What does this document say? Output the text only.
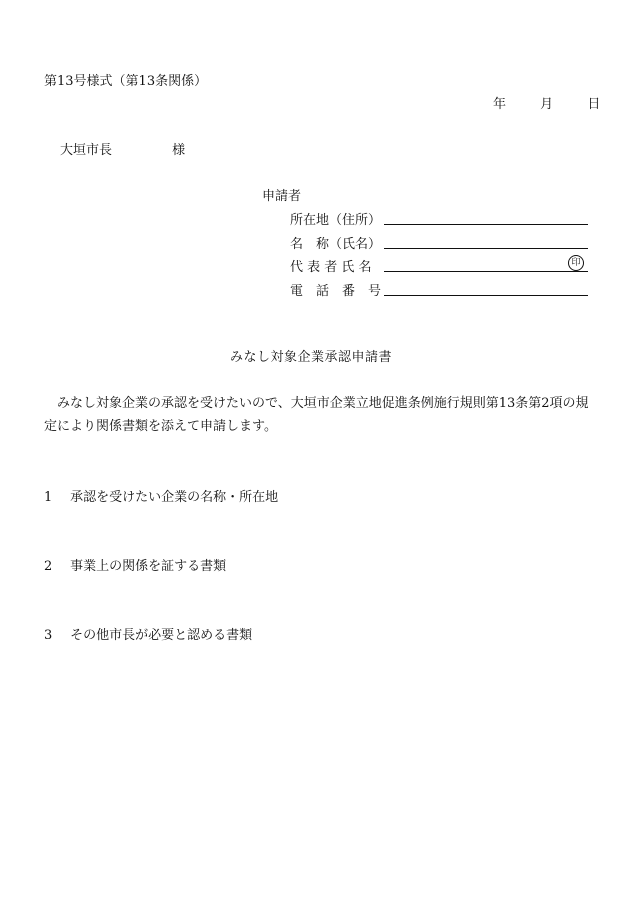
第13号様式（第13条関係）
年	月	日
大垣市長	様
申請者
所在地（住所）
名　称（氏名）
代 表 者 氏 名	印
電　話　番　号
みなし対象企業承認申請書

みなし対象企業の承認を受けたいので、大垣市企業立地促進条例施行規則第13条第2項の規定により関係書類を添えて申請します。

1 承認を受けたい企業の名称・所在地
2 事業上の関係を証する書類
3 その他市長が必要と認める書類
